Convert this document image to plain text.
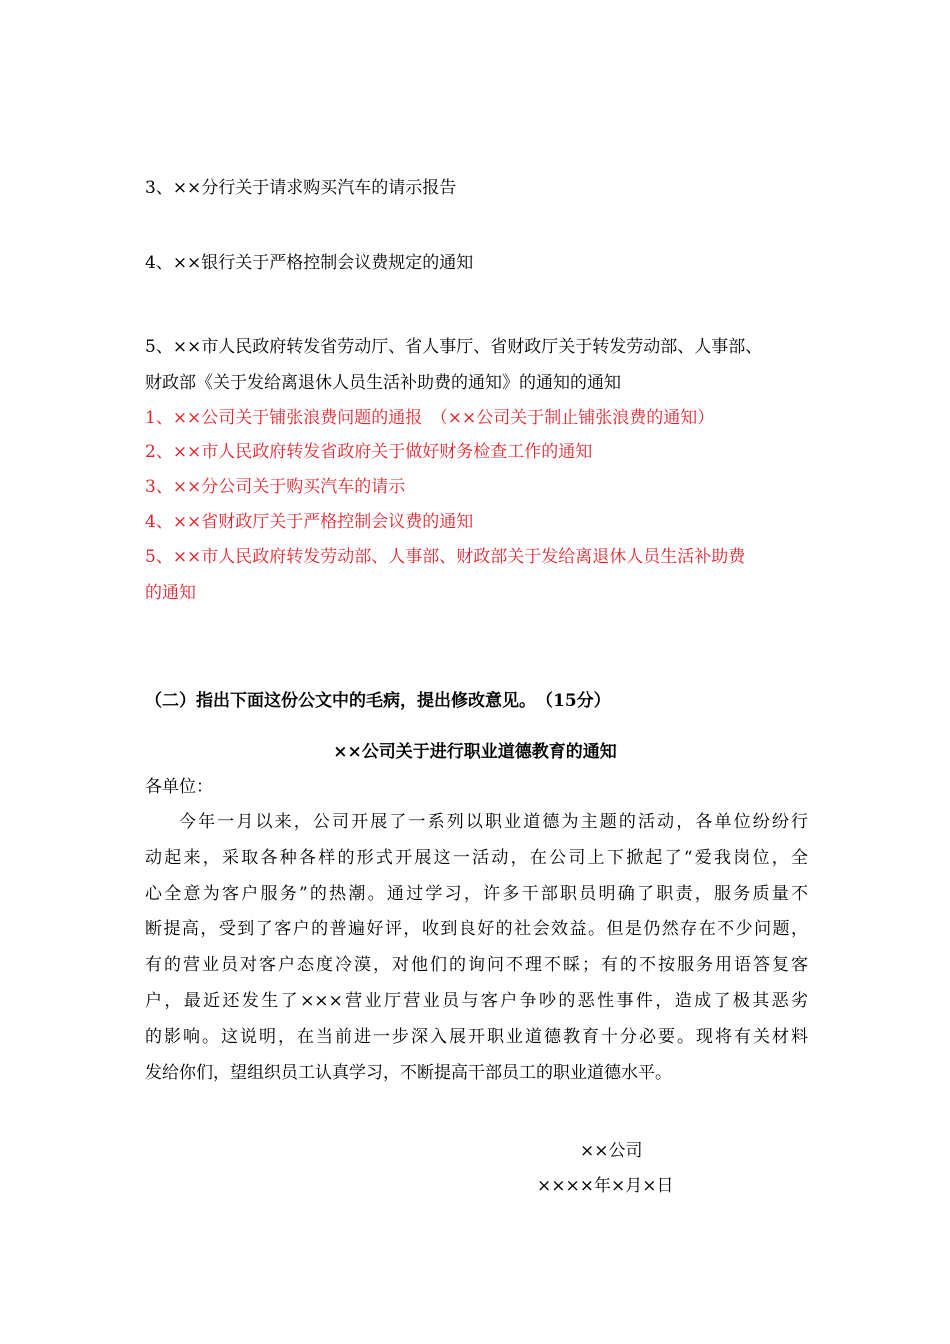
3、××分行关于请求购买汽车的请示报告
4、××银行关于严格控制会议费规定的通知
5、××市人民政府转发省劳动厅、省人事厅、省财政厅关于转发劳动部、人事部、
财政部《关于发给离退休人员生活补助费的通知》的通知的通知
1、××公司关于铺张浪费问题的通报　（××公司关于制止铺张浪费的通知）
2、××市人民政府转发省政府关于做好财务检查工作的通知
3、××分公司关于购买汽车的请示
4、××省财政厅关于严格控制会议费的通知
5、××市人民政府转发劳动部、人事部、财政部关于发给离退休人员生活补助费
的通知
（二）指出下面这份公文中的毛病，提出修改意见。　（15分）
××公司关于进行职业道德教育的通知
各单位：
今年一月以来，公司开展了一系列以职业道德为主题的活动，各单位纷纷行
动起来，采取各种各样的形式开展这一活动，在公司上下掀起了“爱我岗位，全
心全意为客户服务”的热潮。通过学习，许多干部职员明确了职责，服务质量不
断提高，受到了客户的普遍好评，收到良好的社会效益。但是仍然存在不少问题，
有的营业员对客户态度冷漠，对他们的询问不理不睬；有的不按服务用语答复客
户，最近还发生了×××营业厅营业员与客户争吵的恶性事件，造成了极其恶劣
的影响。这说明，在当前进一步深入展开职业道德教育十分必要。现将有关材料
发给你们，望组织员工认真学习，不断提高干部员工的职业道德水平。
××公司
××××年×月×日
